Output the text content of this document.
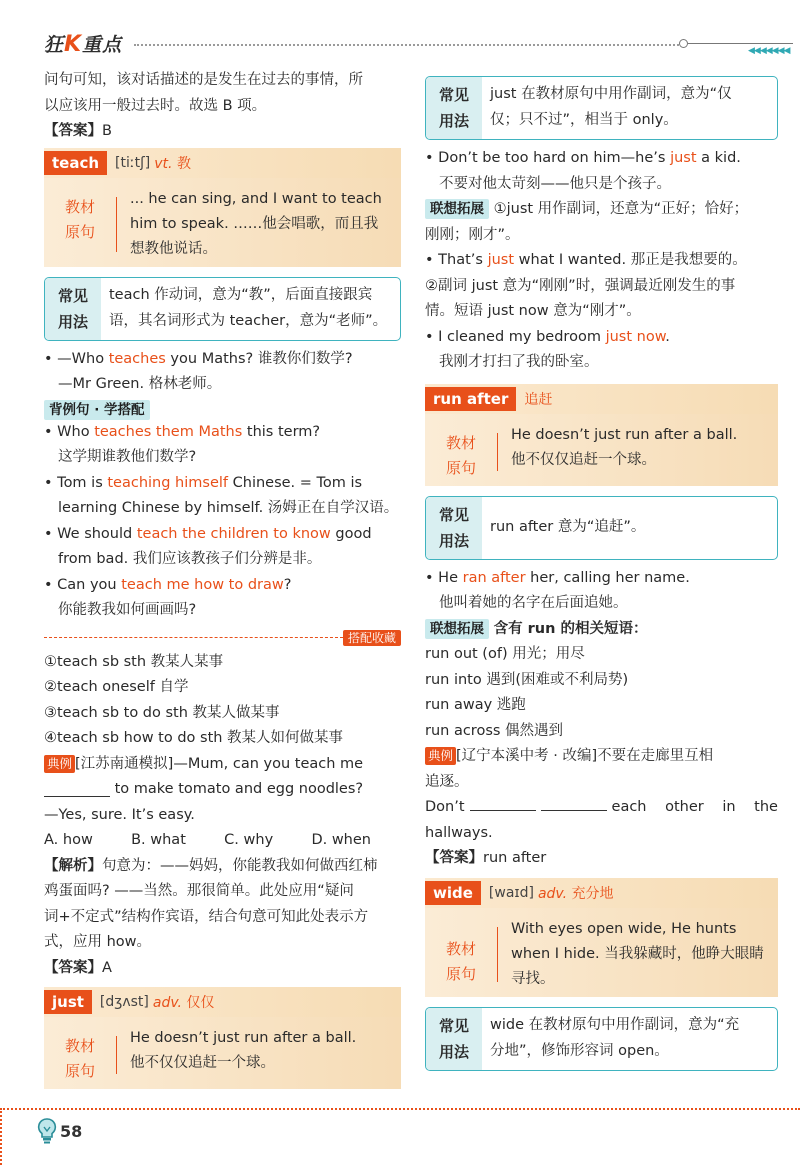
狂K重点	◀◀◀◀◀◀◀
问句可知，该对话描述的是发生在过去的事情，所
以应该用一般过去时。故选 B 项。
【答案】B
teach	[tiːtʃ] vt. 教
教材
原句
... he can sing, and I want to teach
him to speak. ……他会唱歌，而且我
想教他说话。
常见
用法
teach 作动词，意为“教”，后面直接跟宾
语，其名词形式为 teacher，意为“老师”。
• —Who teaches you Maths? 谁教你们数学?
—Mr Green. 格林老师。
背例句 · 学搭配
• Who teaches them Maths this term?
这学期谁教他们数学?
• Tom is teaching himself Chinese. = Tom is
learning Chinese by himself. 汤姆正在自学汉语。
• We should teach the children to know good
from bad. 我们应该教孩子们分辨是非。
• Can you teach me how to draw?
你能教我如何画画吗?
搭配收藏
①teach sb sth 教某人某事
②teach oneself 自学
③teach sb to do sth 教某人做某事
④teach sb how to do sth 教某人如何做某事
典例 [江苏南通模拟]—Mum, can you teach me
to make tomato and egg noodles?
—Yes, sure. It’s easy.
A. how	B. what	C. why	D. when
【解析】句意为：——妈妈，你能教我如何做西红柿
鸡蛋面吗? ——当然。那很简单。此处应用“疑问
词+不定式”结构作宾语，结合句意可知此处表示方
式，应用 how。
【答案】A
just	[dʒʌst] adv. 仅仅
教材
原句
He doesn’t just run after a ball.
他不仅仅追赶一个球。
常见
用法
just 在教材原句中用作副词，意为“仅
仅；只不过”，相当于 only。
• Don’t be too hard on him—he’s just a kid.
不要对他太苛刻——他只是个孩子。
联想拓展 ①just 用作副词，还意为“正好；恰好；
刚刚；刚才”。
• That’s just what I wanted. 那正是我想要的。
②副词 just 意为“刚刚”时，强调最近刚发生的事
情。短语 just now 意为“刚才”。
• I cleaned my bedroom just now.
我刚才打扫了我的卧室。
run after	追赶
教材
原句
He doesn’t just run after a ball.
他不仅仅追赶一个球。
常见
用法
run after 意为“追赶”。
• He ran after her, calling her name.
他叫着她的名字在后面追她。
联想拓展 含有 run 的相关短语：
run out (of) 用光；用尽
run into 遇到(困难或不利局势)
run away 逃跑
run across 偶然遇到
典例 [辽宁本溪中考 · 改编]不要在走廊里互相
追逐。
Don’t	each other in the
hallways.
【答案】run after
wide	[waɪd] adv. 充分地
教材
原句
With eyes open wide, He hunts
when I hide. 当我躲藏时，他睁大眼睛
寻找。
常见
用法
wide 在教材原句中用作副词，意为“充
分地”，修饰形容词 open。
58
